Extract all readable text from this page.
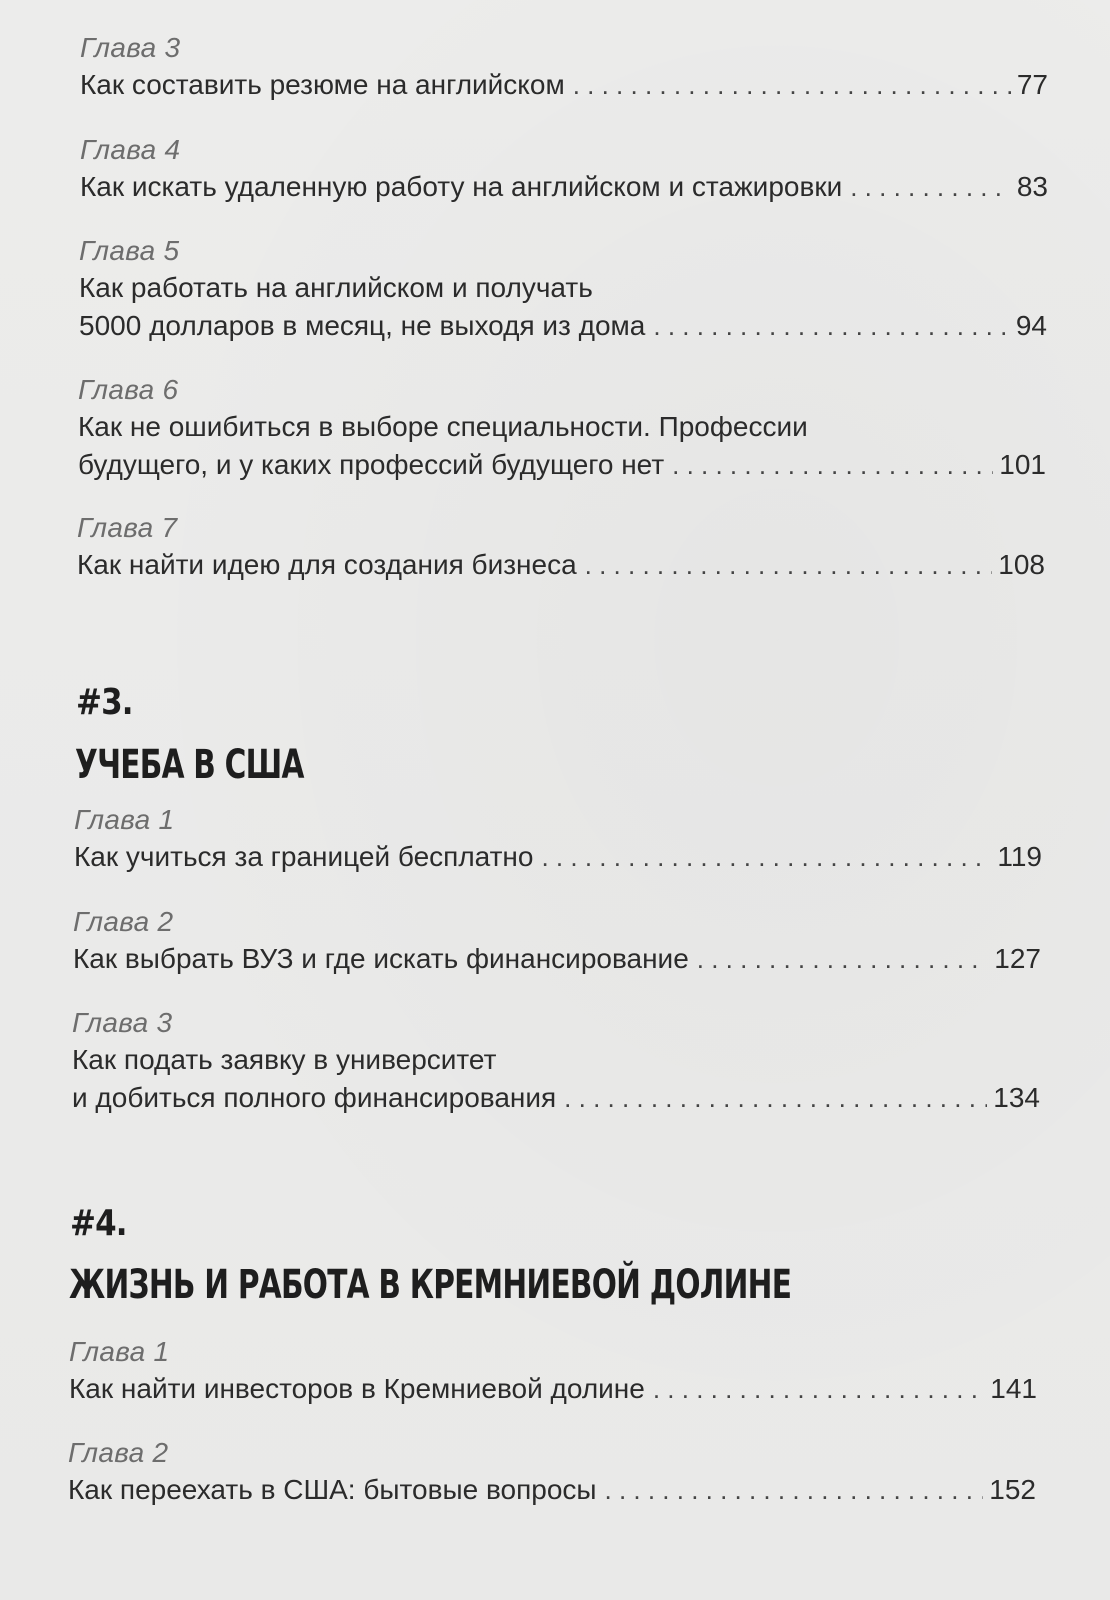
Глава 3
Как составить резюме на английском . . .	77
Глава 4
Как искать удаленную работу на английском и стажировки . . .	83
Глава 5
Как работать на английском и получать
5000 долларов в месяц, не выходя из дома . . .	94
Глава 6
Как не ошибиться в выборе специальности. Профессии
будущего, и у каких профессий будущего нет . . .	101
Глава 7
Как найти идею для создания бизнеса . . .	108
#3.
УЧЕБА В США
Глава 1
Как учиться за границей бесплатно . . .	119
Глава 2
Как выбрать ВУЗ и где искать финансирование . . .	127
Глава 3
Как подать заявку в университет
и добиться полного финансирования . . .	134
#4.
ЖИЗНЬ И РАБОТА В КРЕМНИЕВОЙ ДОЛИНЕ
Глава 1
Как найти инвесторов в Кремниевой долине . . .	141
Глава 2
Как переехать в США: бытовые вопросы . . .	152
